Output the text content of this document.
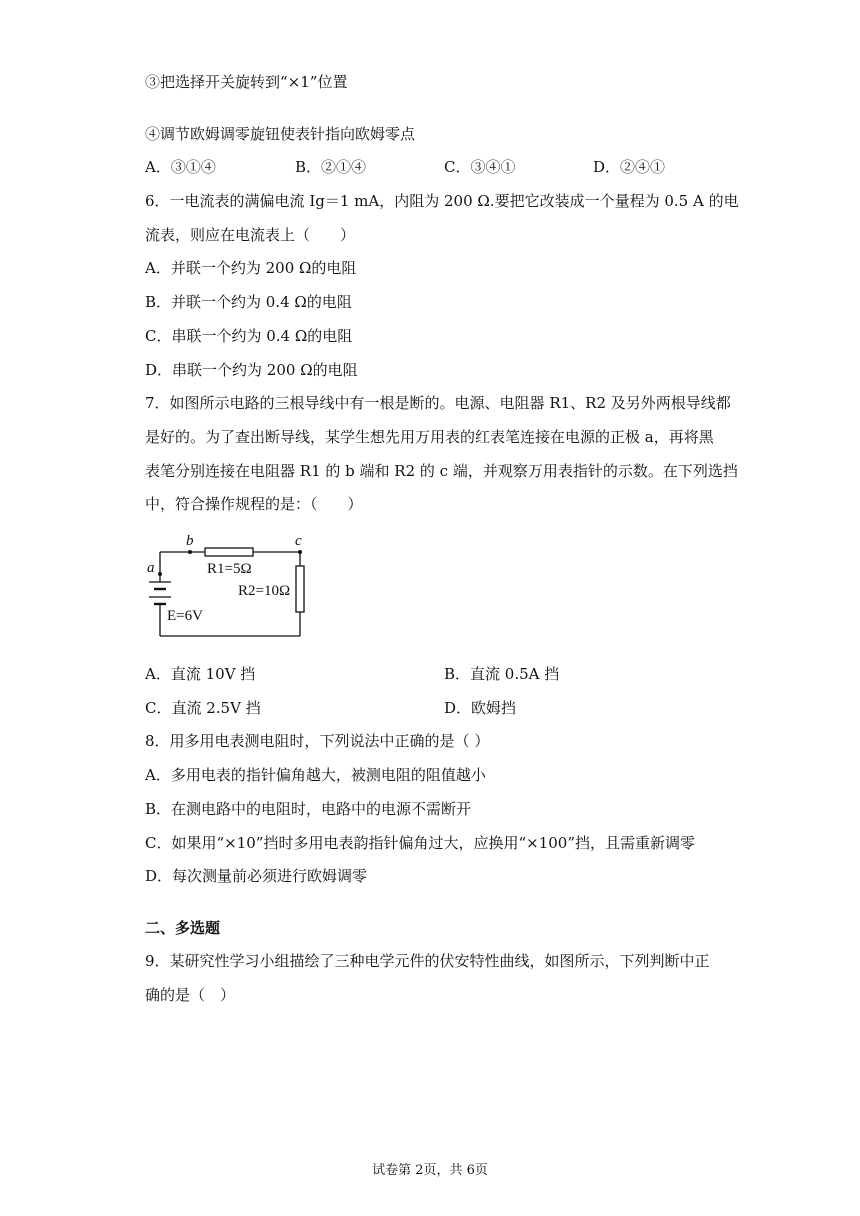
③把选择开关旋转到“×1”位置
④调节欧姆调零旋钮使表针指向欧姆零点
A．③①④	B．②①④	C．③④①	D．②④①
6．一电流表的满偏电流 Ig＝1 mA，内阻为 200 Ω.要把它改装成一个量程为 0.5 A 的电
流表，则应在电流表上（　　）
A．并联一个约为 200 Ω的电阻
B．并联一个约为 0.4 Ω的电阻
C．串联一个约为 0.4 Ω的电阻
D．串联一个约为 200 Ω的电阻
7．如图所示电路的三根导线中有一根是断的。电源、电阻器 R1、R2 及另外两根导线都
是好的。为了查出断导线，某学生想先用万用表的红表笔连接在电源的正极 a，再将黑
表笔分别连接在电阻器 R1 的 b 端和 R2 的 c 端，并观察万用表指针的示数。在下列选挡
中，符合操作规程的是：（　　）
a
b	c
R1=5Ω
R2=10Ω
E=6V
A．直流 10V 挡	B．直流 0.5A 挡
C．直流 2.5V 挡	D．欧姆挡
8．用多用电表测电阻时，下列说法中正确的是（ ）
A．多用电表的指针偏角越大，被测电阻的阻值越小
B．在测电路中的电阻时，电路中的电源不需断开
C．如果用“×10”挡时多用电表韵指针偏角过大，应换用“×100”挡，且需重新调零
D．每次测量前必须进行欧姆调零
二、多选题
9．某研究性学习小组描绘了三种电学元件的伏安特性曲线，如图所示，下列判断中正
确的是（　）
试卷第 2页，共 6页
